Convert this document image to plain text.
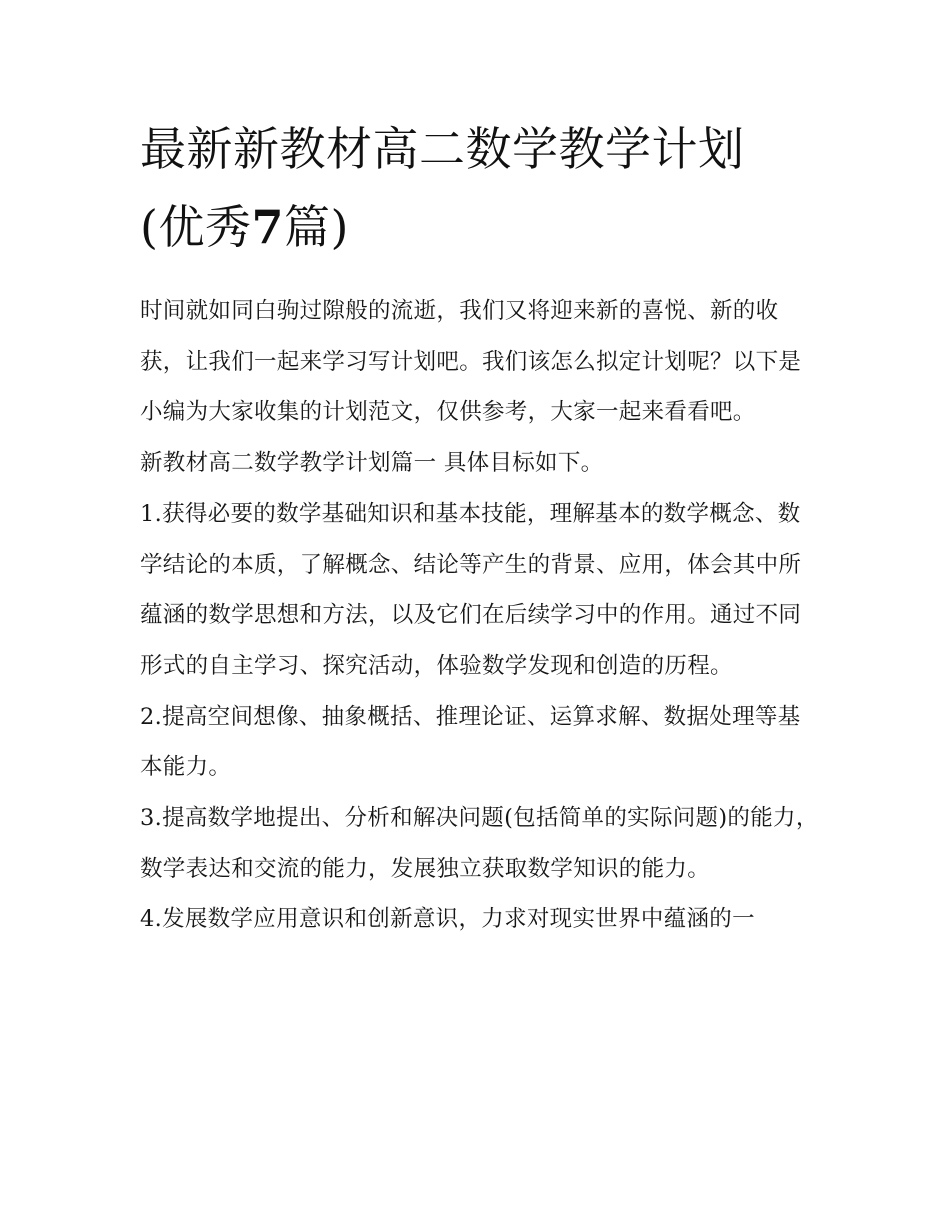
最新新教材高二数学教学计划
(优秀7篇)

时间就如同白驹过隙般的流逝，我们又将迎来新的喜悦、新的收获，让我们一起来学习写计划吧。我们该怎么拟定计划呢？以下是小编为大家收集的计划范文，仅供参考，大家一起来看看吧。

新教材高二数学教学计划篇一 具体目标如下。

1.获得必要的数学基础知识和基本技能，理解基本的数学概念、数学结论的本质，了解概念、结论等产生的背景、应用，体会其中所蕴涵的数学思想和方法，以及它们在后续学习中的作用。通过不同形式的自主学习、探究活动，体验数学发现和创造的历程。

2.提高空间想像、抽象概括、推理论证、运算求解、数据处理等基本能力。

3.提高数学地提出、分析和解决问题(包括简单的实际问题)的能力，数学表达和交流的能力，发展独立获取数学知识的能力。

4.发展数学应用意识和创新意识，力求对现实世界中蕴涵的一
